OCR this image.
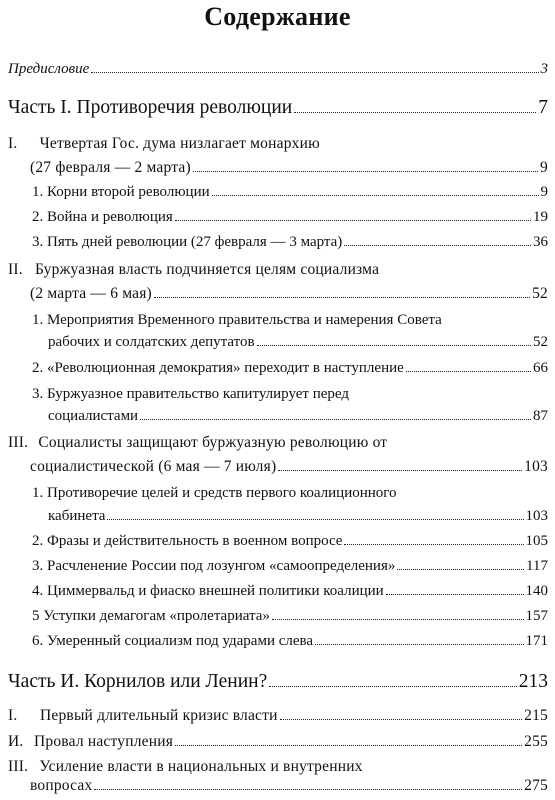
Содержание
Предисловие	3
Часть I. Противоречия революции	7
I. Четвертая Гос. дума низлагает монархию
(27 февраля — 2 марта)	9
1. Корни второй революции	9
2. Война и революция	19
3. Пять дней революции (27 февраля — 3 марта)	36
II. Буржуазная власть подчиняется целям социализма
(2 марта — 6 мая)	52
1. Мероприятия Временного правительства и намерения Совета
рабочих и солдатских депутатов	52
2. «Революционная демократия» переходит в наступление	66
3. Буржуазное правительство капитулирует перед
социалистами	87
III. Социалисты защищают буржуазную революцию от
социалистической (6 мая — 7 июля)	103
1. Противоречие целей и средств первого коалиционного
кабинета	103
2. Фразы и действительность в военном вопросе	105
3. Расчленение России под лозунгом «самоопределения»	117
4. Циммервальд и фиаско внешней политики коалиции	140
5 Уступки демагогам «пролетариата»	157
6. Умеренный социализм под ударами слева	171
Часть И. Корнилов или Ленин?	213
I.	Первый длительный кризис власти	215
И. Провал наступления	255
III. Усиление власти в национальных и внутренних
вопросах	275
